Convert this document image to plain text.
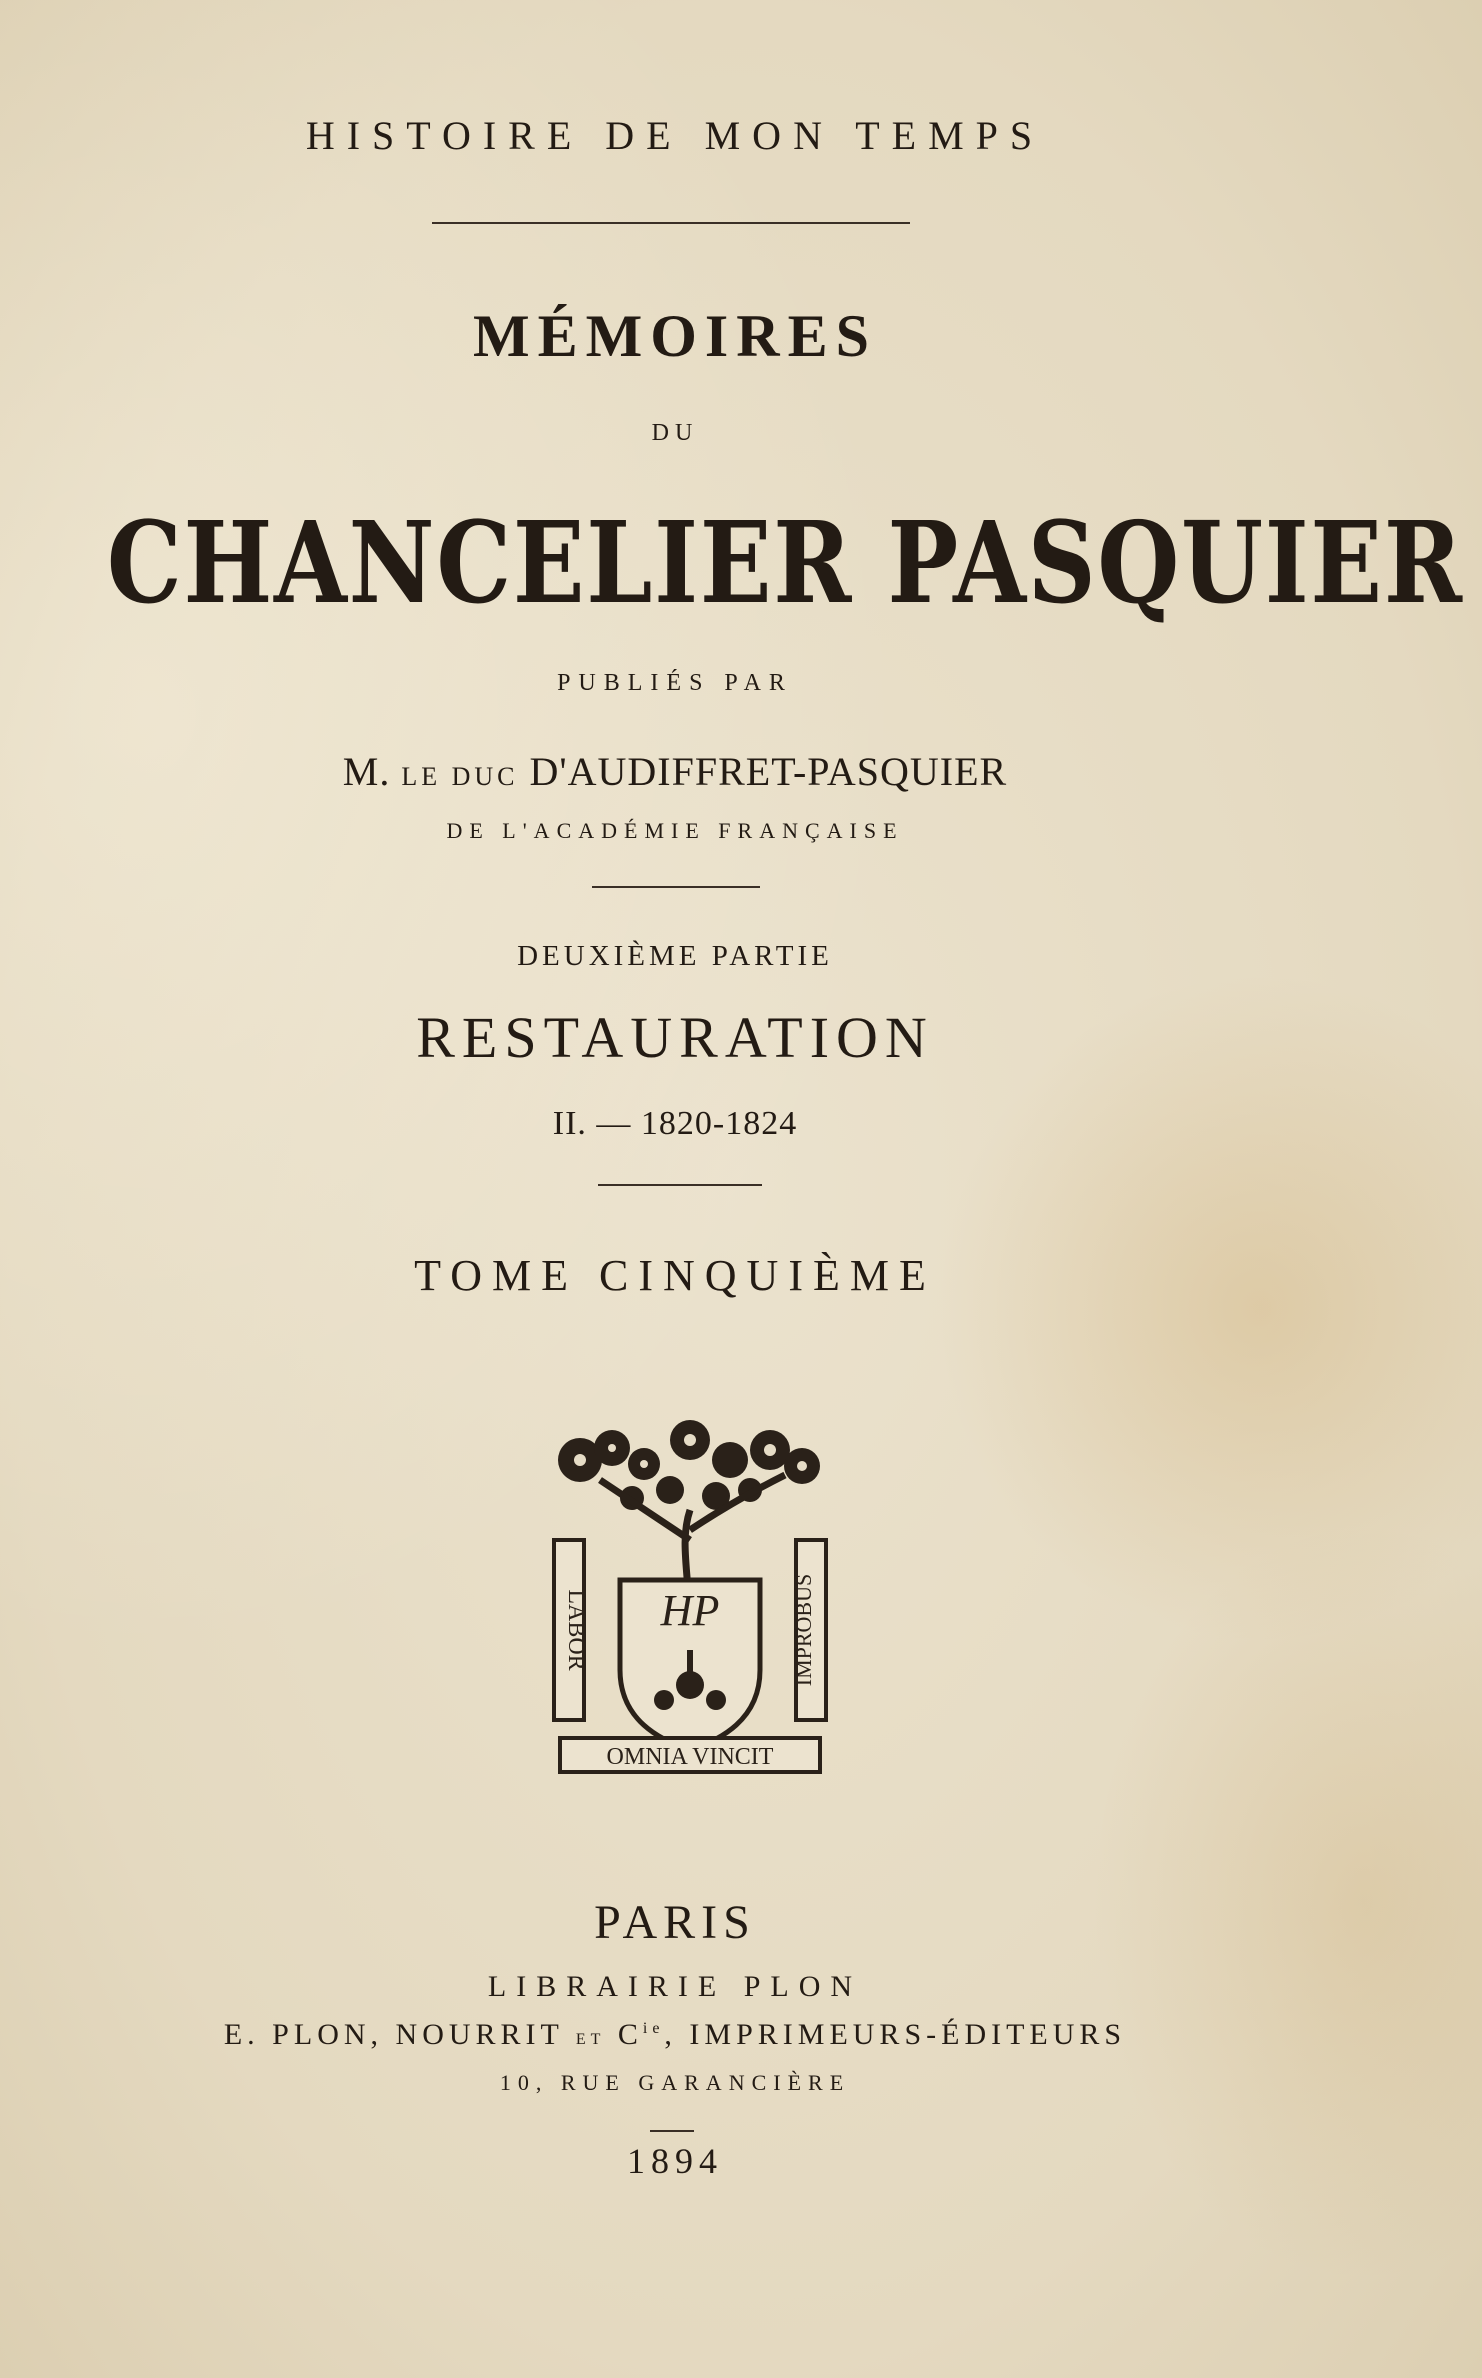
HISTOIRE DE MON TEMPS
MÉMOIRES
DU
CHANCELIER PASQUIER
PUBLIÉS PAR
M. LE DUC D'AUDIFFRET-PASQUIER
DE L'ACADÉMIE FRANÇAISE
DEUXIÈME PARTIE
RESTAURATION
II. — 1820-1824
TOME CINQUIÈME
LABOR	IMPROBUS
HP
OMNIA VINCIT
PARIS
LIBRAIRIE PLON
E. PLON, NOURRIT ET $C^{ie}$, IMPRIMEURS-ÉDITEURS
10, RUE GARANCIÈRE
1894
